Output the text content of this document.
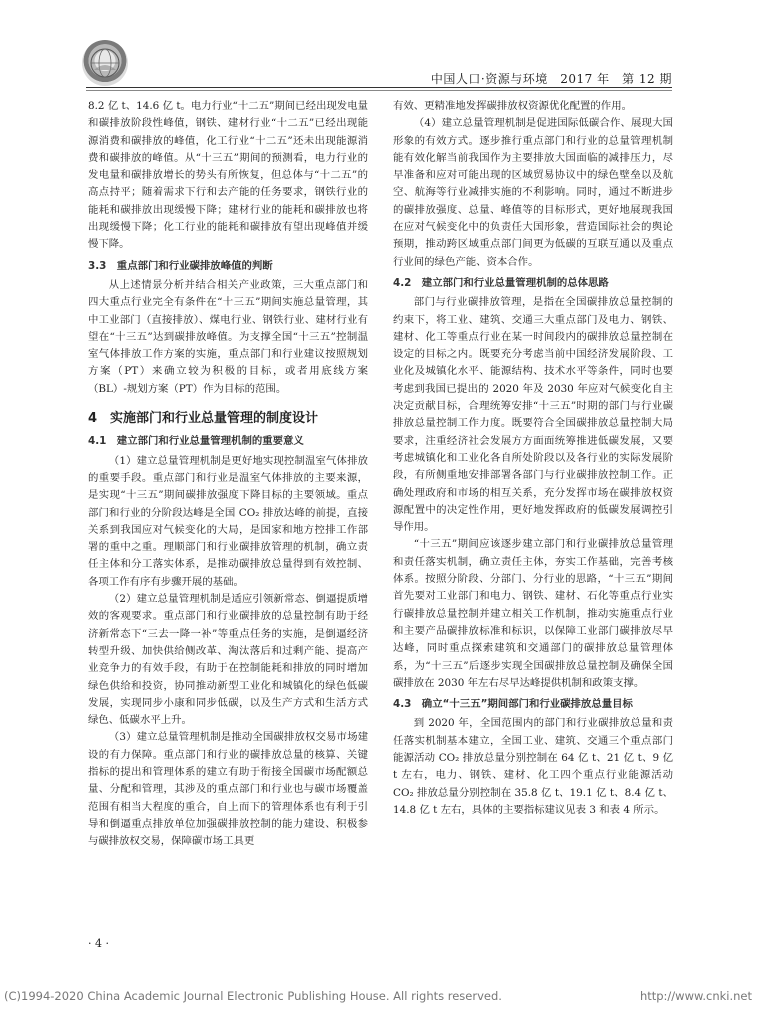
中国人口·资源与环境　2017 年　第 12 期

8.2 亿 t、14.6 亿 t。电力行业“十二五”期间已经出现发电量和碳排放阶段性峰值，钢铁、建材行业“十二五”已经出现能源消费和碳排放的峰值，化工行业“十二五”还未出现能源消费和碳排放的峰值。从“十三五”期间的预测看，电力行业的发电量和碳排放增长的势头有所恢复，但总体与“十二五”的高点持平；随着需求下行和去产能的任务要求，钢铁行业的能耗和碳排放出现缓慢下降；建材行业的能耗和碳排放也将出现缓慢下降；化工行业的能耗和碳排放有望出现峰值并缓慢下降。

3.3　重点部门和行业碳排放峰值的判断

从上述情景分析并结合相关产业政策，三大重点部门和四大重点行业完全有条件在“十三五”期间实施总量管理，其中工业部门（直接排放）、煤电行业、钢铁行业、建材行业有望在“十三五”达到碳排放峰值。为支撑全国“十三五”控制温室气体排放工作方案的实施，重点部门和行业建议按照规划方案（PT）来确立较为积极的目标，或者用底线方案（BL）-规划方案（PT）作为目标的范围。

4　实施部门和行业总量管理的制度设计
4.1　建立部门和行业总量管理机制的重要意义

（1）建立总量管理机制是更好地实现控制温室气体排放的重要手段。重点部门和行业是温室气体排放的主要来源，是实现“十三五”期间碳排放强度下降目标的主要领域。重点部门和行业的分阶段达峰是全国 CO₂ 排放达峰的前提，直接关系到我国应对气候变化的大局，是国家和地方控排工作部署的重中之重。理顺部门和行业碳排放管理的机制，确立责任主体和分工落实体系，是推动碳排放总量得到有效控制、各项工作有序有步骤开展的基础。

（2）建立总量管理机制是适应引领新常态、倒逼提质增效的客观要求。重点部门和行业碳排放的总量控制有助于经济新常态下“三去一降一补”等重点任务的实施，是倒逼经济转型升级、加快供给侧改革、淘汰落后和过剩产能、提高产业竞争力的有效手段，有助于在控制能耗和排放的同时增加绿色供给和投资，协同推动新型工业化和城镇化的绿色低碳发展，实现同步小康和同步低碳，以及生产方式和生活方式绿色、低碳水平上升。

（3）建立总量管理机制是推动全国碳排放权交易市场建设的有力保障。重点部门和行业的碳排放总量的核算、关键指标的提出和管理体系的建立有助于衔接全国碳市场配额总量、分配和管理，其涉及的重点部门和行业也与碳市场覆盖范围有相当大程度的重合，自上而下的管理体系也有利于引导和倒逼重点排放单位加强碳排放控制的能力建设、积极参与碳排放权交易，保障碳市场工具更

有效、更精准地发挥碳排放权资源优化配置的作用。

（4）建立总量管理机制是促进国际低碳合作、展现大国形象的有效方式。逐步推行重点部门和行业的总量管理机制能有效化解当前我国作为主要排放大国面临的减排压力，尽早准备和应对可能出现的区域贸易协议中的绿色壁垒以及航空、航海等行业减排实施的不利影响。同时，通过不断进步的碳排放强度、总量、峰值等的目标形式，更好地展现我国在应对气候变化中的负责任大国形象，营造国际社会的舆论预期，推动跨区域重点部门间更为低碳的互联互通以及重点行业间的绿色产能、资本合作。

4.2　建立部门和行业总量管理机制的总体思路

部门与行业碳排放管理，是指在全国碳排放总量控制的约束下，将工业、建筑、交通三大重点部门及电力、钢铁、建材、化工等重点行业在某一时间段内的碳排放总量控制在设定的目标之内。既要充分考虑当前中国经济发展阶段、工业化及城镇化水平、能源结构、技术水平等条件，同时也要考虑到我国已提出的 2020 年及 2030 年应对气候变化自主决定贡献目标，合理统筹安排“十三五”时期的部门与行业碳排放总量控制工作力度。既要符合全国碳排放总量控制大局要求，注重经济社会发展方方面面统筹推进低碳发展，又要考虑城镇化和工业化各自所处阶段以及各行业的实际发展阶段，有所侧重地安排部署各部门与行业碳排放控制工作。正确处理政府和市场的相互关系，充分发挥市场在碳排放权资源配置中的决定性作用，更好地发挥政府的低碳发展调控引导作用。

“十三五”期间应该逐步建立部门和行业碳排放总量管理和责任落实机制，确立责任主体，夯实工作基础，完善考核体系。按照分阶段、分部门、分行业的思路，“十三五”期间首先要对工业部门和电力、钢铁、建材、石化等重点行业实行碳排放总量控制并建立相关工作机制，推动实施重点行业和主要产品碳排放标准和标识，以保障工业部门碳排放尽早达峰，同时重点探索建筑和交通部门的碳排放总量管理体系，为“十三五”后逐步实现全国碳排放总量控制及确保全国碳排放在 2030 年左右尽早达峰提供机制和政策支撑。

4.3　确立“十三五”期间部门和行业碳排放总量目标

到 2020 年，全国范围内的部门和行业碳排放总量和责任落实机制基本建立，全国工业、建筑、交通三个重点部门能源活动 CO₂ 排放总量分别控制在 64 亿 t、21 亿 t、9 亿 t 左右，电力、钢铁、建材、化工四个重点行业能源活动 CO₂ 排放总量分别控制在 35.8 亿 t、19.1 亿 t、8.4 亿 t、14.8 亿 t 左右，具体的主要指标建议见表 3 和表 4 所示。

· 4 ·
(C)1994-2020 China Academic Journal Electronic Publishing House. All rights reserved.	http://www.cnki.net
